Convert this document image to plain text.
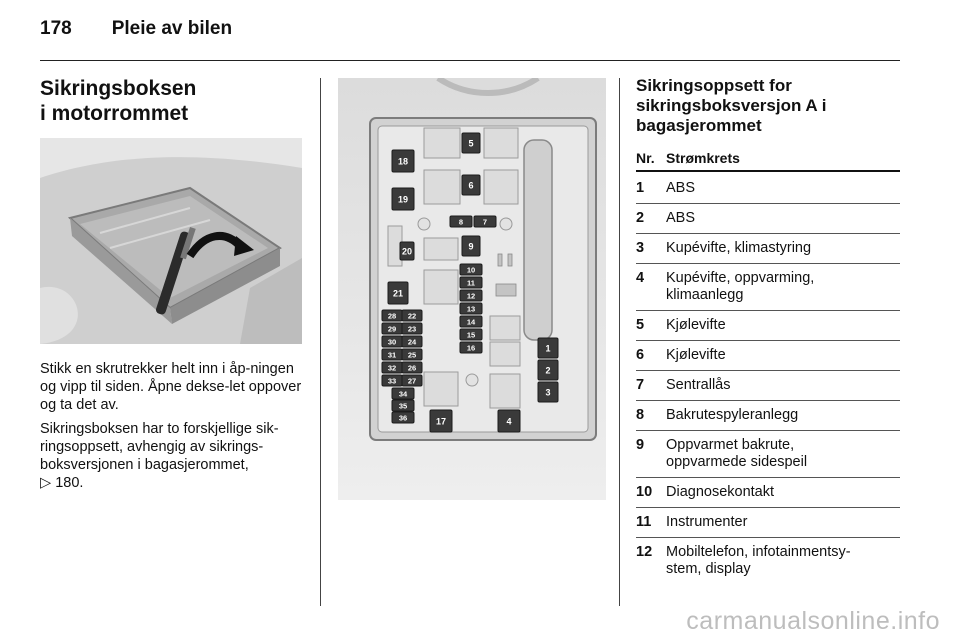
178 Pleie av bilen
Sikringsboksen
i motorrommet

Stikk en skrutrekker helt inn i åp-ningen og vipp til siden. Åpne dekse-let oppover og ta det av.

Sikringsboksen har to forskjellige sik-ringsoppsett, avhengig av sikrings-boksversjonen i bagasjerommet,
▷ 180.

5
6
18
19
8	7
20	9
10
11
12
13
14
15
16
21
22
23
24
25
26
27
28
29
30
31
32
33
34
35
36
1
2
3
17	4
Sikringsoppsett for
sikringsboksversjon A i
bagasjerommet
Nr. Strømkrets
1 ABS
2 ABS
3 Kupévifte, klimastyring
4 Kupévifte, oppvarming,
klimaanlegg
5 Kjølevifte
6 Kjølevifte
7 Sentrallås
8 Bakrutespyleranlegg
9 Oppvarmet bakrute,
oppvarmede sidespeil
10 Diagnosekontakt
11 Instrumenter
12 Mobiltelefon, infotainmentsy-
stem, display
carmanualsonline.info
